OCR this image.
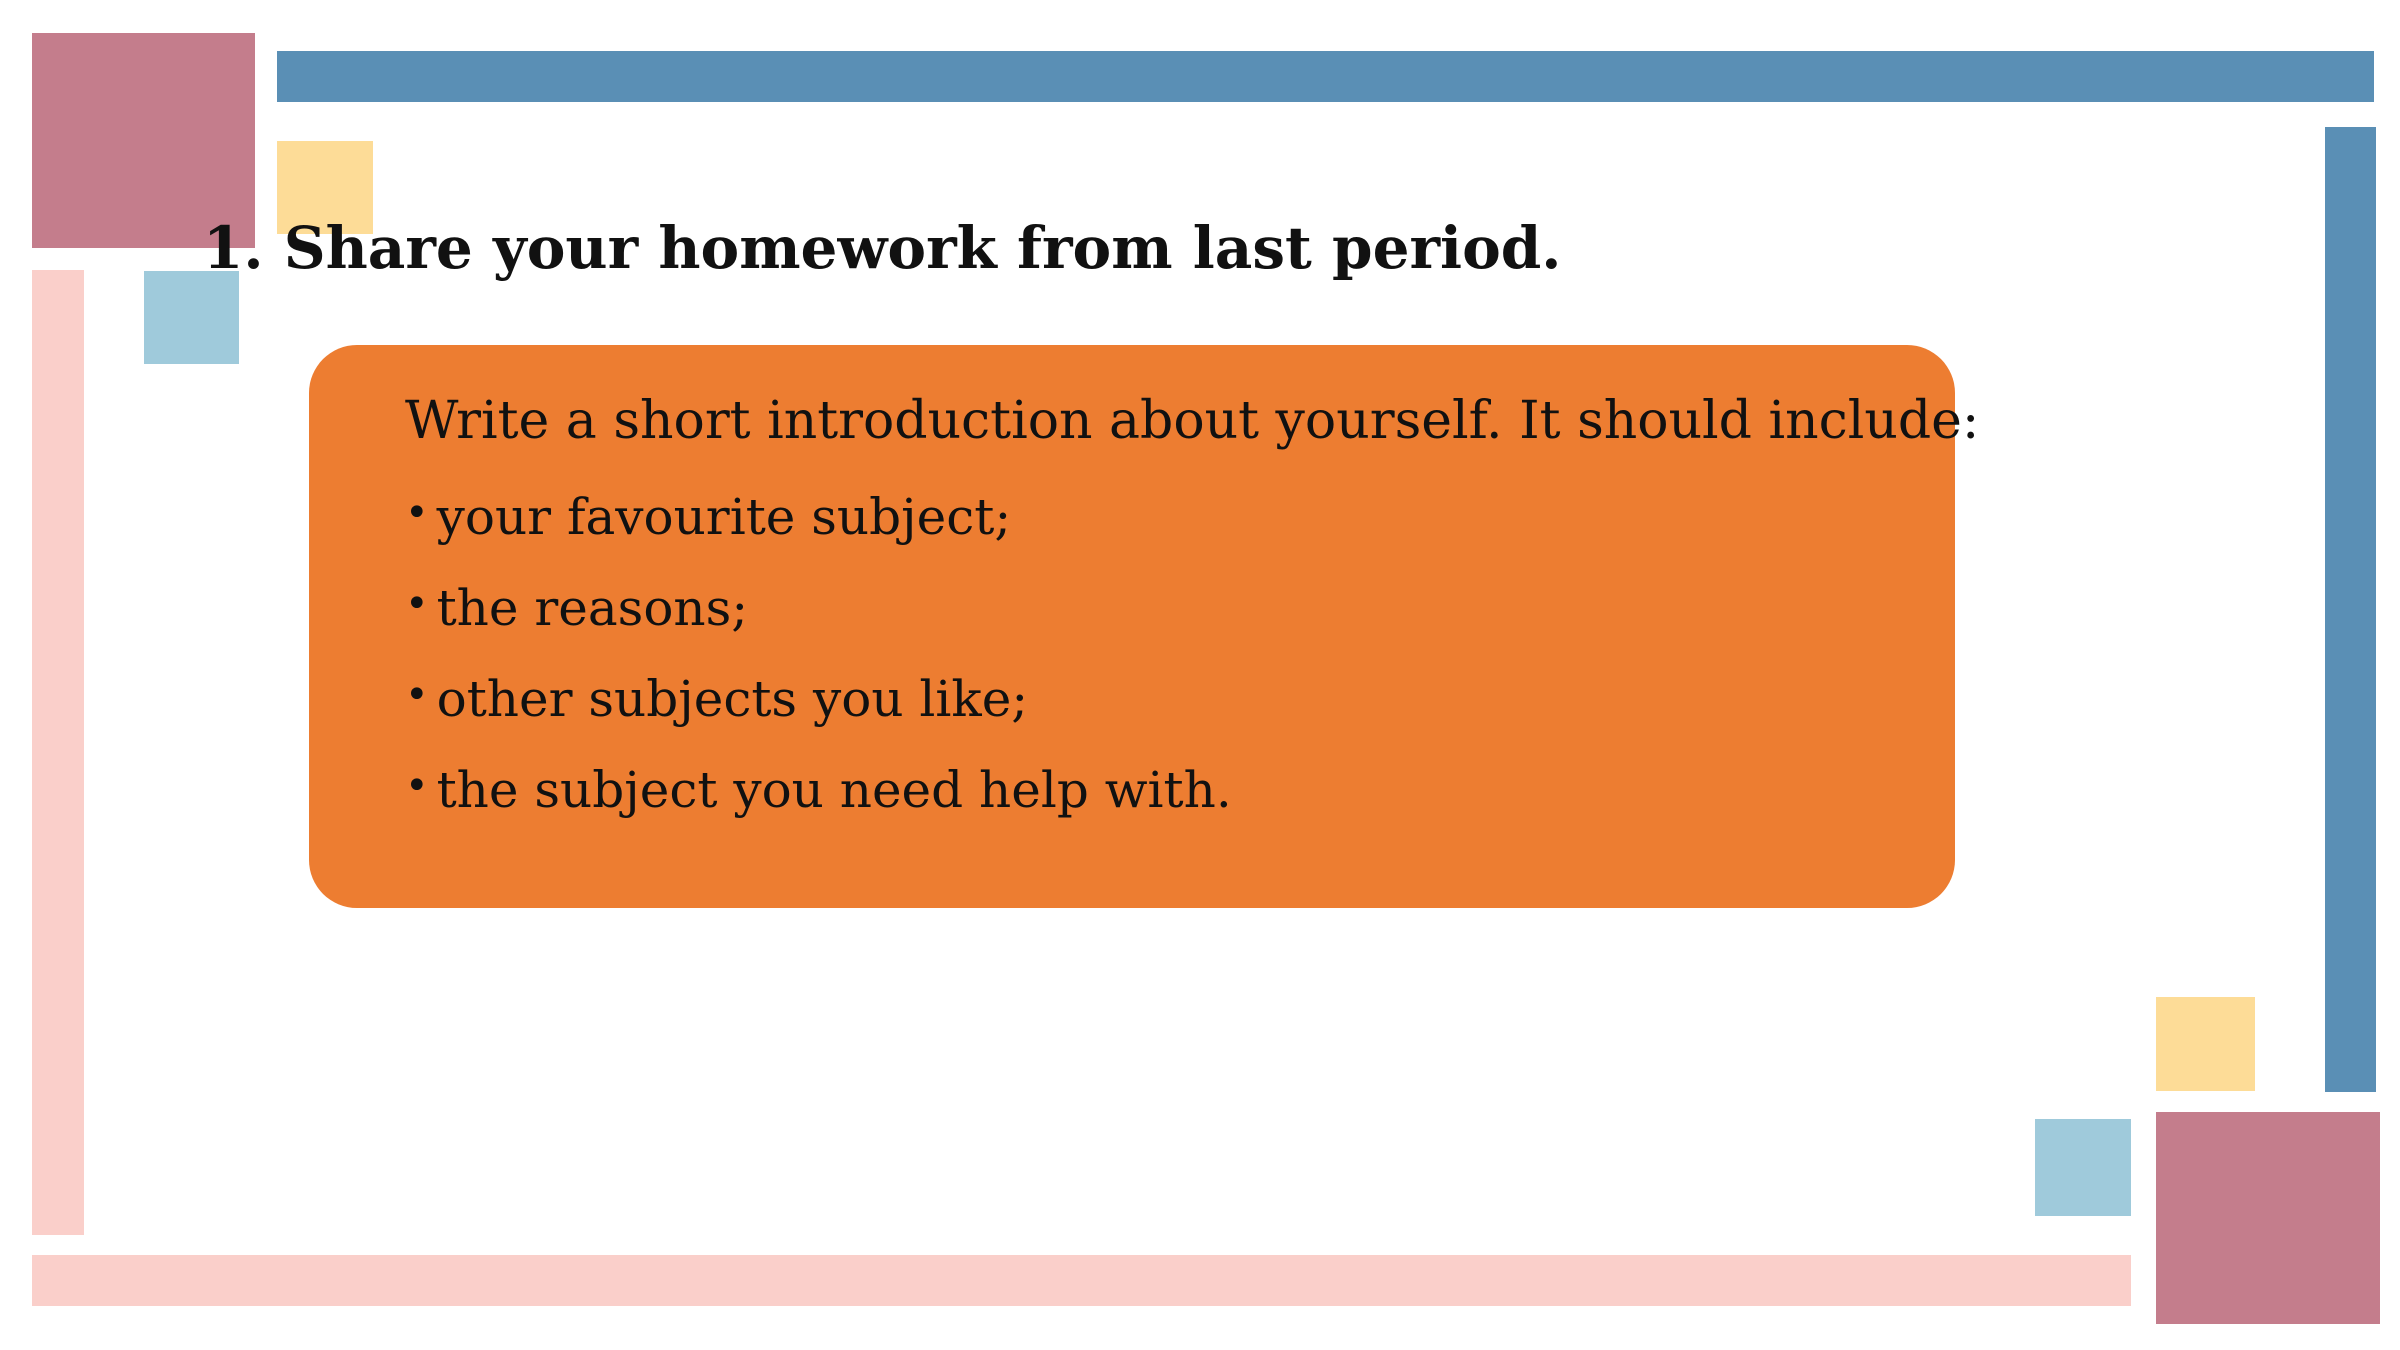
1. Share your homework from last period.

Write a short introduction about yourself. It should include:

• your favourite subject;
• the reasons;
• other subjects you like;
• the subject you need help with.
